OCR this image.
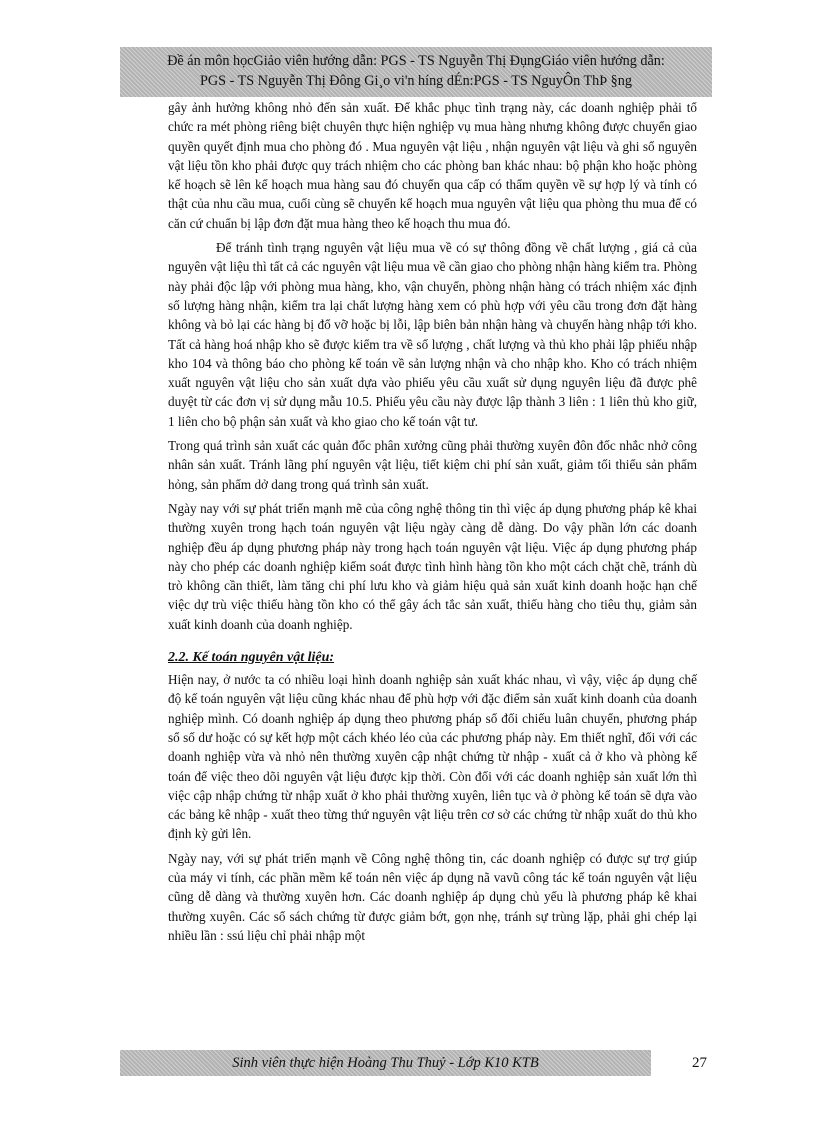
Đề án môn họcGiảo viên hướng dẫn: PGS - TS Nguyễn Thị ĐụngGiáo viên hướng dẫn:
PGS - TS Nguyễn Thị Đông Gi¸o vi'n híng dÉn:PGS - TS NguyÔn ThÞ §ng

gây ảnh hưởng không nhỏ đến sản xuất. Để khắc phục tình trạng này, các doanh nghiệp phải tổ chức ra mét phòng riêng biệt chuyên thực hiện nghiệp vụ mua hàng nhưng không được chuyển giao quyền quyết định mua cho phòng đó . Mua nguyên vật liệu , nhận nguyên vật liệu và ghi sổ nguyên vật liệu tồn kho phải được quy trách nhiệm cho các phòng ban khác nhau: bộ phận kho hoặc phòng kế hoạch sẽ lên kế hoạch mua hàng sau đó chuyển qua cấp có thẩm quyền về sự hợp lý và tính có thật của nhu cầu mua, cuối cùng sẽ chuyển kế hoạch mua nguyên vật liệu qua phòng thu mua để có căn cứ chuẩn bị lập đơn đặt mua hàng theo kế hoạch thu mua đó.

Để tránh tình trạng nguyên vật liệu mua về có sự thông đồng về chất lượng , giá cả của nguyên vật liệu thì tất cả các nguyên vật liệu mua về cần giao cho phòng nhận hàng kiểm tra. Phòng này phải độc lập với phòng mua hàng, kho, vận chuyển, phòng nhận hàng có trách nhiệm xác định số lượng hàng nhận, kiểm tra lại chất lượng hàng xem có phù hợp với yêu cầu trong đơn đặt hàng không và bỏ lại các hàng bị đổ vỡ hoặc bị lỗi, lập biên bản nhận hàng và chuyển hàng nhập tới kho. Tất cả hàng hoá nhập kho sẽ được kiểm tra về số lượng , chất lượng và thủ kho phải lập phiếu nhập kho 104 và thông báo cho phòng kế toán về sản lượng nhận và cho nhập kho. Kho có trách nhiệm xuất nguyên vật liệu cho sản xuất dựa vào phiếu yêu cầu xuất sử dụng nguyên liệu đã được phê duyệt từ các đơn vị sử dụng mẫu 10.5. Phiếu yêu cầu này được lập thành 3 liên : 1 liên thủ kho giữ, 1 liên cho bộ phận sản xuất và kho giao cho kế toán vật tư.

Trong quá trình sản xuất các quản đốc phân xưởng cũng phải thường xuyên đôn đốc nhắc nhở công nhân sản xuất. Tránh lãng phí nguyên vật liệu, tiết kiệm chi phí sản xuất, giảm tối thiểu sản phẩm hỏng, sản phẩm dở dang trong quá trình sản xuất.

Ngày nay với sự phát triển mạnh mẽ của công nghệ thông tin thì việc áp dụng phương pháp kê khai thường xuyên trong hạch toán nguyên vật liệu ngày càng dễ dàng. Do vậy phần lớn các doanh nghiệp đều áp dụng phương pháp này trong hạch toán nguyên vật liệu. Việc áp dụng phương pháp này cho phép các doanh nghiệp kiểm soát được tình hình hàng tồn kho một cách chặt chẽ, tránh dù trò không cần thiết, làm tăng chi phí lưu kho và giảm hiệu quả sản xuất kinh doanh hoặc hạn chế việc dự trù việc thiếu hàng tồn kho có thể gây ách tắc sản xuất, thiếu hàng cho tiêu thụ, giảm sản xuất kinh doanh của doanh nghiệp.

2.2. Kế toán nguyên vật liệu:

Hiện nay, ở nước ta có nhiều loại hình doanh nghiệp sản xuất khác nhau, vì vậy, việc áp dụng chế độ kế toán nguyên vật liệu cũng khác nhau để phù hợp với đặc điểm sản xuất kinh doanh của doanh nghiệp mình. Có doanh nghiệp áp dụng theo phương pháp sổ đối chiếu luân chuyển, phương pháp sổ số dư hoặc có sự kết hợp một cách khéo léo của các phương pháp này. Em thiết nghĩ, đối với các doanh nghiệp vừa và nhỏ nên thường xuyên cập nhật chứng từ nhập - xuất cả ở kho và phòng kế toán để việc theo dõi nguyên vật liệu được kịp thời. Còn đối với các doanh nghiệp sản xuất lớn thì việc cập nhập chứng từ nhập xuất ở kho phải thường xuyên, liên tục và ở phòng kế toán sẽ dựa vào các bảng kê nhập - xuất theo từng thứ nguyên vật liệu trên cơ sở các chứng từ nhập xuất do thủ kho định kỳ gửi lên.

Ngày nay, với sự phát triển mạnh về Công nghệ thông tin, các doanh nghiệp có được sự trợ giúp của máy vi tính, các phần mềm kế toán nên việc áp dụng nã vavũ công tác kế toán nguyên vật liệu cũng dễ dàng và thường xuyên hơn. Các doanh nghiệp áp dụng chủ yếu là phương pháp kê khai thường xuyên. Các sổ sách chứng từ được giảm bớt, gọn nhẹ, tránh sự trùng lặp, phải ghi chép lại nhiều lần : ssú liệu chỉ phải nhập một

Sinh viên thực hiện Hoàng Thu Thuỷ - Lớp K10 KTB	27
